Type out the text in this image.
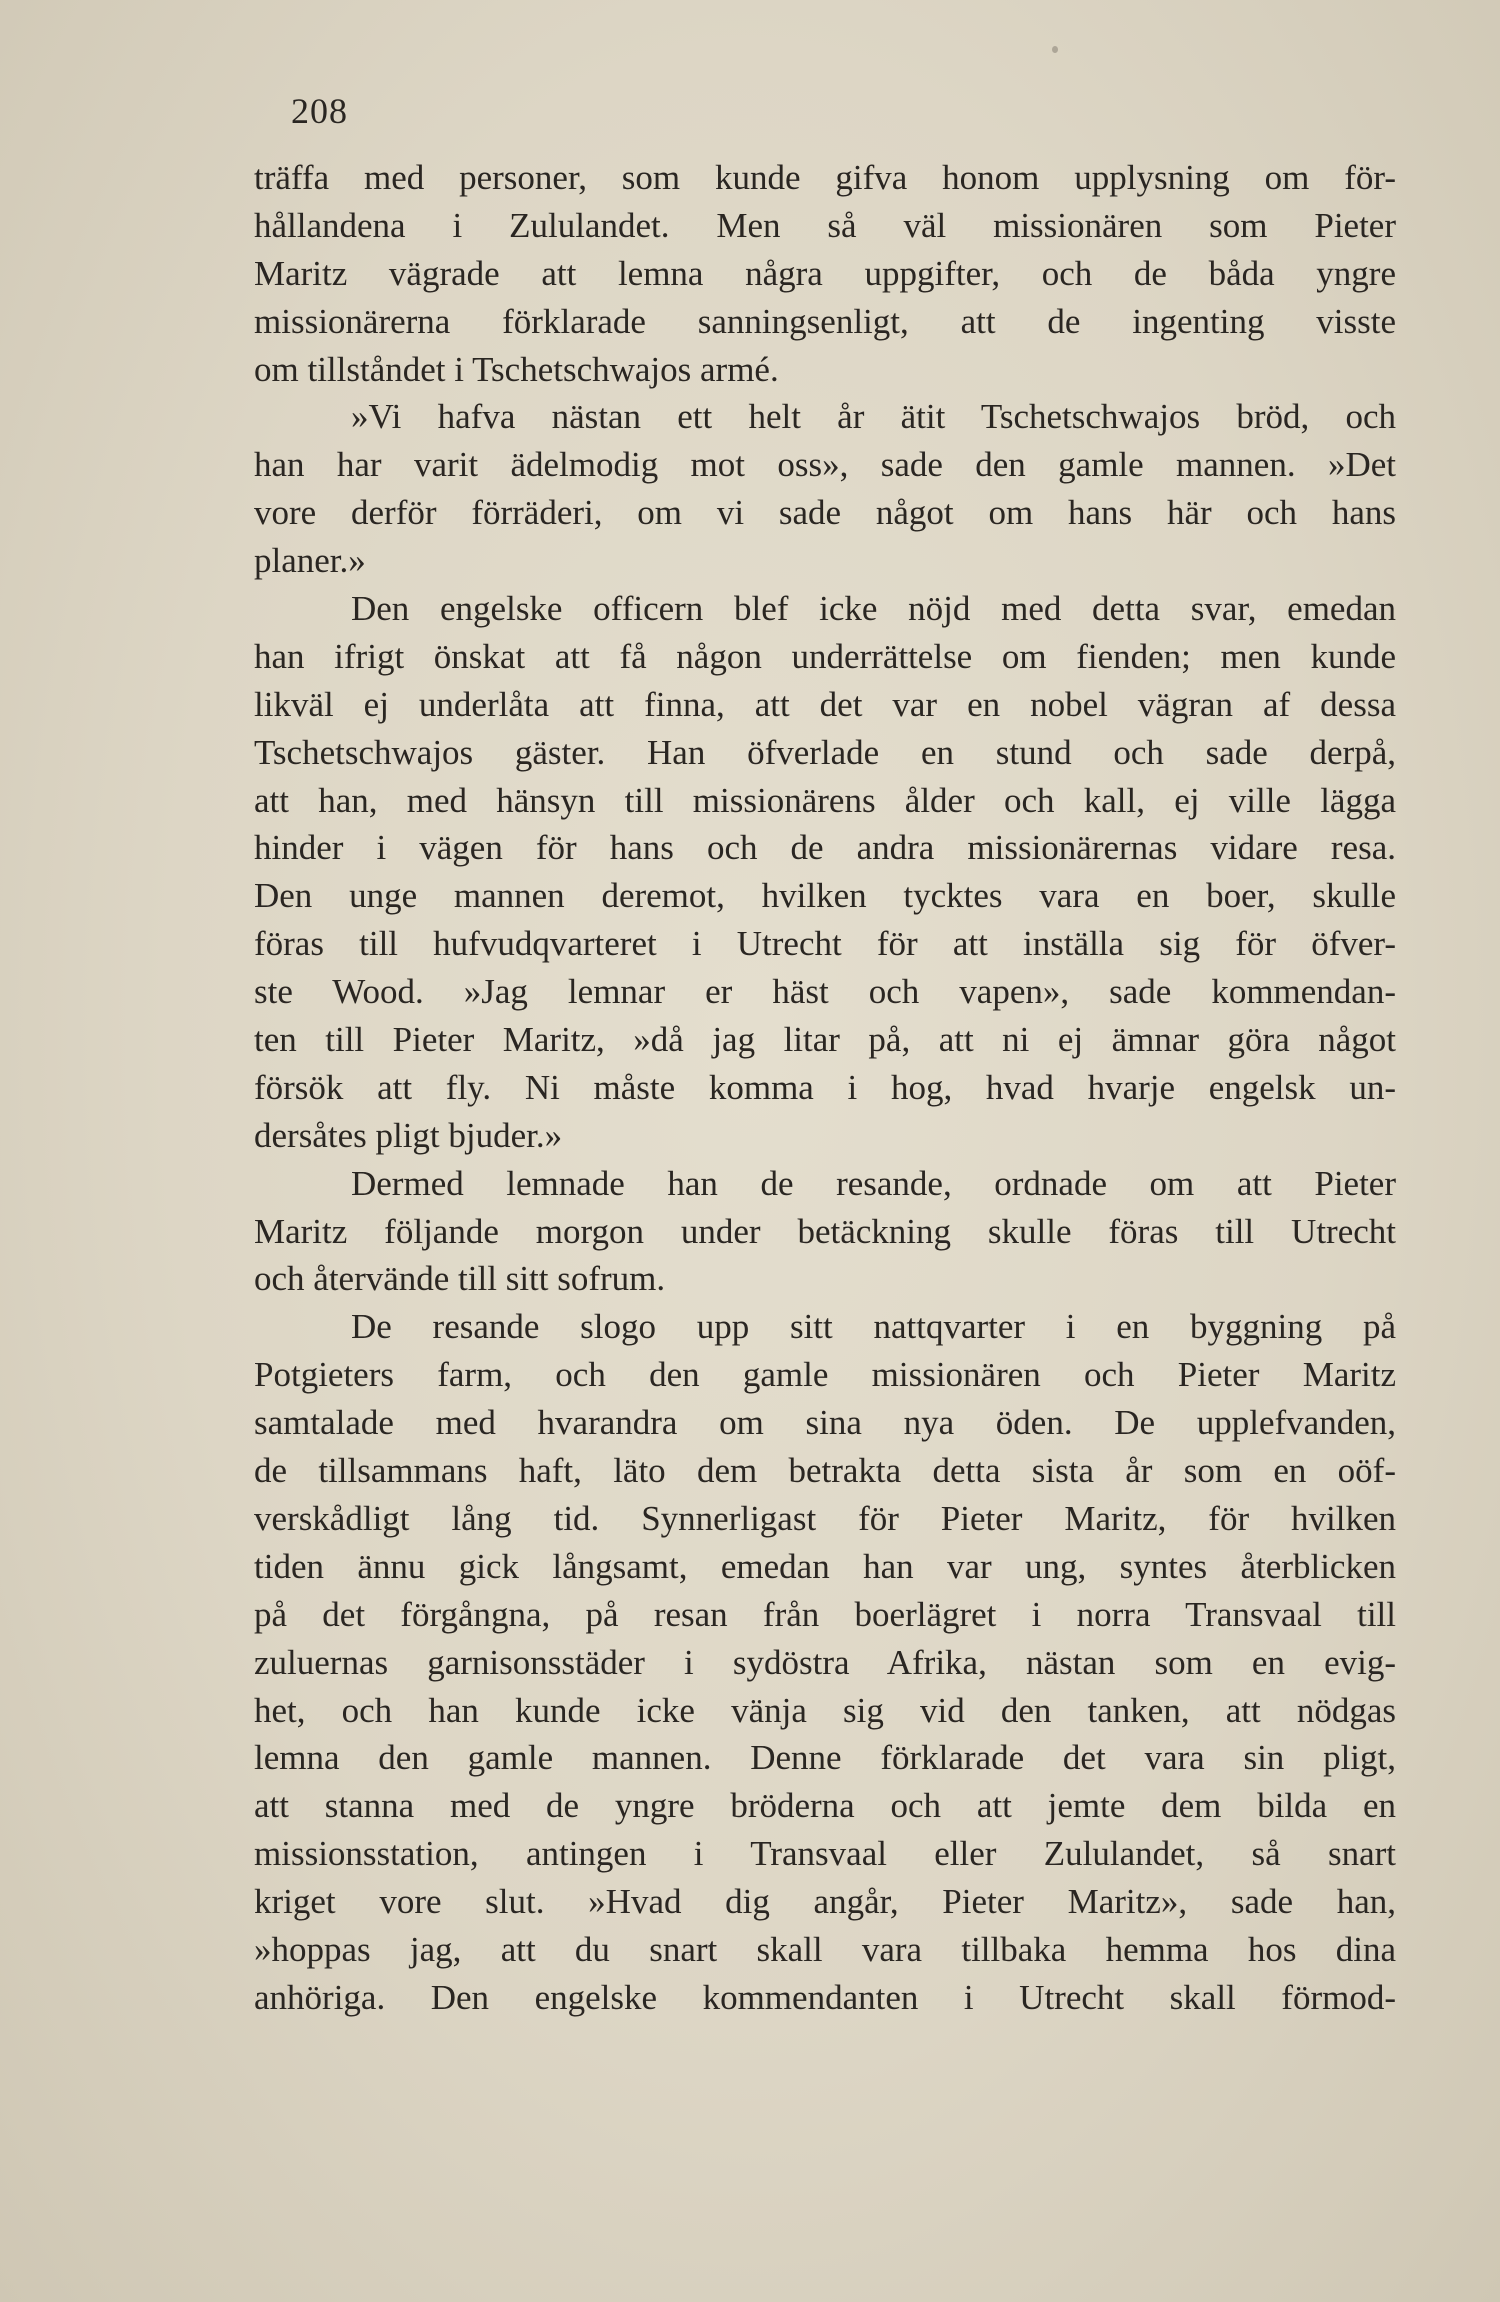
208
träffa med personer, som kunde gifva honom upplysning om för-
hållandena i Zululandet. Men så väl missionären som Pieter
Maritz vägrade att lemna några uppgifter, och de båda yngre
missionärerna förklarade sanningsenligt, att de ingenting visste
om tillståndet i Tschetschwajos armé.
»Vi hafva nästan ett helt år ätit Tschetschwajos bröd, och
han har varit ädelmodig mot oss», sade den gamle mannen. »Det
vore derför förräderi, om vi sade något om hans här och hans
planer.»
Den engelske officern blef icke nöjd med detta svar, emedan
han ifrigt önskat att få någon underrättelse om fienden; men kunde
likväl ej underlåta att finna, att det var en nobel vägran af dessa
Tschetschwajos gäster. Han öfverlade en stund och sade derpå,
att han, med hänsyn till missionärens ålder och kall, ej ville lägga
hinder i vägen för hans och de andra missionärernas vidare resa.
Den unge mannen deremot, hvilken tycktes vara en boer, skulle
föras till hufvudqvarteret i Utrecht för att inställa sig för öfver-
ste Wood. »Jag lemnar er häst och vapen», sade kommendan-
ten till Pieter Maritz, »då jag litar på, att ni ej ämnar göra något
försök att fly. Ni måste komma i hog, hvad hvarje engelsk un-
dersåtes pligt bjuder.»
Dermed lemnade han de resande, ordnade om att Pieter
Maritz följande morgon under betäckning skulle föras till Utrecht
och återvände till sitt sofrum.
De resande slogo upp sitt nattqvarter i en byggning på
Potgieters farm, och den gamle missionären och Pieter Maritz
samtalade med hvarandra om sina nya öden. De upplefvanden,
de tillsammans haft, läto dem betrakta detta sista år som en oöf-
verskådligt lång tid. Synnerligast för Pieter Maritz, för hvilken
tiden ännu gick långsamt, emedan han var ung, syntes återblicken
på det förgångna, på resan från boerlägret i norra Transvaal till
zuluernas garnisonsstäder i sydöstra Afrika, nästan som en evig-
het, och han kunde icke vänja sig vid den tanken, att nödgas
lemna den gamle mannen. Denne förklarade det vara sin pligt,
att stanna med de yngre bröderna och att jemte dem bilda en
missionsstation, antingen i Transvaal eller Zululandet, så snart
kriget vore slut. »Hvad dig angår, Pieter Maritz», sade han,
»hoppas jag, att du snart skall vara tillbaka hemma hos dina
anhöriga. Den engelske kommendanten i Utrecht skall förmod-
